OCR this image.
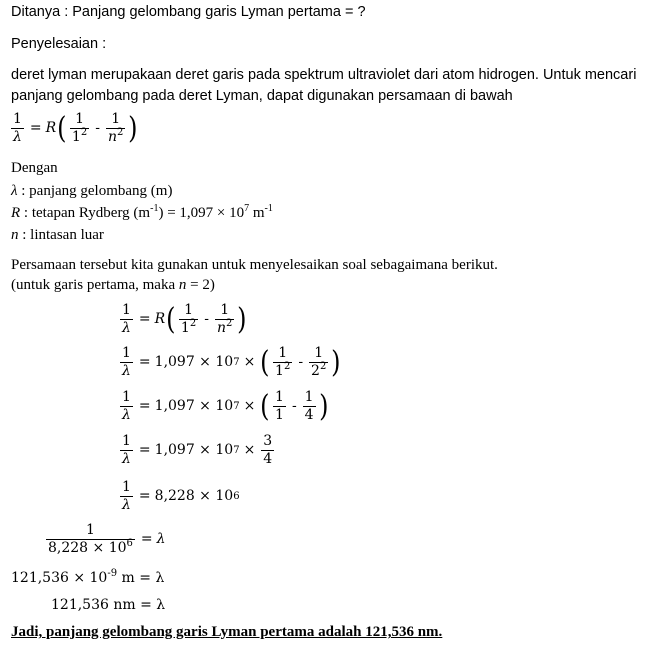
Ditanya : Panjang gelombang garis Lyman pertama = ?
Penyelesaian :
deret lyman merupakaan deret garis pada spektrum ultraviolet dari atom hidrogen. Untuk mencari
panjang gelombang pada deret Lyman, dapat digunakan persamaan di bawah
$\frac{1}{\lambda} = R$ ( $\frac{1}{1^2} - \frac{1}{n^2}$ )
Dengan
λ : panjang gelombang (m)
R : tetapan Rydberg $(m^{-1}) = 1,097 \times 10^7$ $m^{-1}$
n : lintasan luar
Persamaan tersebut kita gunakan untuk menyelesaikan soal sebagaimana berikut.
(untuk garis pertama, maka n = 2)
$\frac{1}{\lambda} = R$ ( $\frac{1}{1^2} - \frac{1}{n^2}$ )
$\frac{1}{\lambda} = 1,097 \times 10$ 7 × ( $\frac{1}{1^2} - \frac{1}{2^2}$ )
$\frac{1}{\lambda} = 1,097 \times 10$ 7 × ( $\frac{1}{1} - \frac{1}{4}$ )
$\frac{1}{\lambda} = 1,097 \times 10$ $7 \times \frac{3}{4}$
$\frac{1}{\lambda} = 8,228 \times 10$ 6
$\frac{1}{8,228 \times 10^6} = \lambda$
$121,536 \times 10^{-9}$ m = λ
121,536 nm = λ
Jadi, panjang gelombang garis Lyman pertama adalah 121,536 nm.
